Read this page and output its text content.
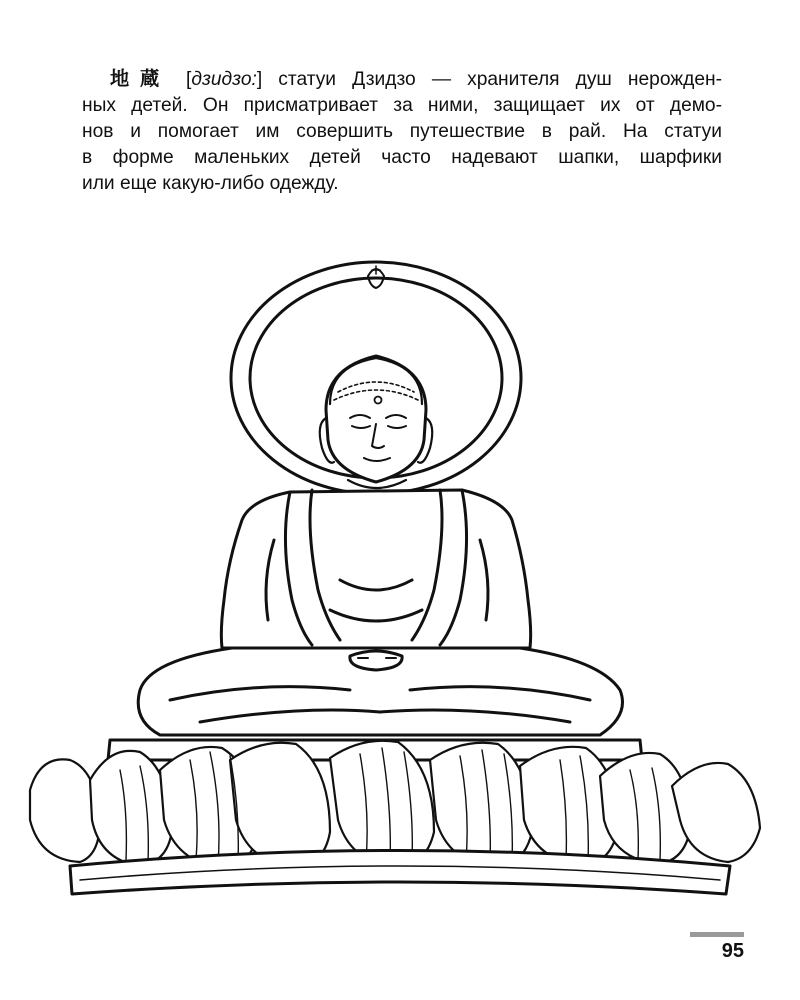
地蔵 [дзидзо:] статуи Дзидзо — хранителя душ нерожден-
ных детей. Он присматривает за ними, защищает их от демо-
нов и помогает им совершить путешествие в рай. На статуи
в форме маленьких детей часто надевают шапки, шарфики
или еще какую-либо одежду.
95
